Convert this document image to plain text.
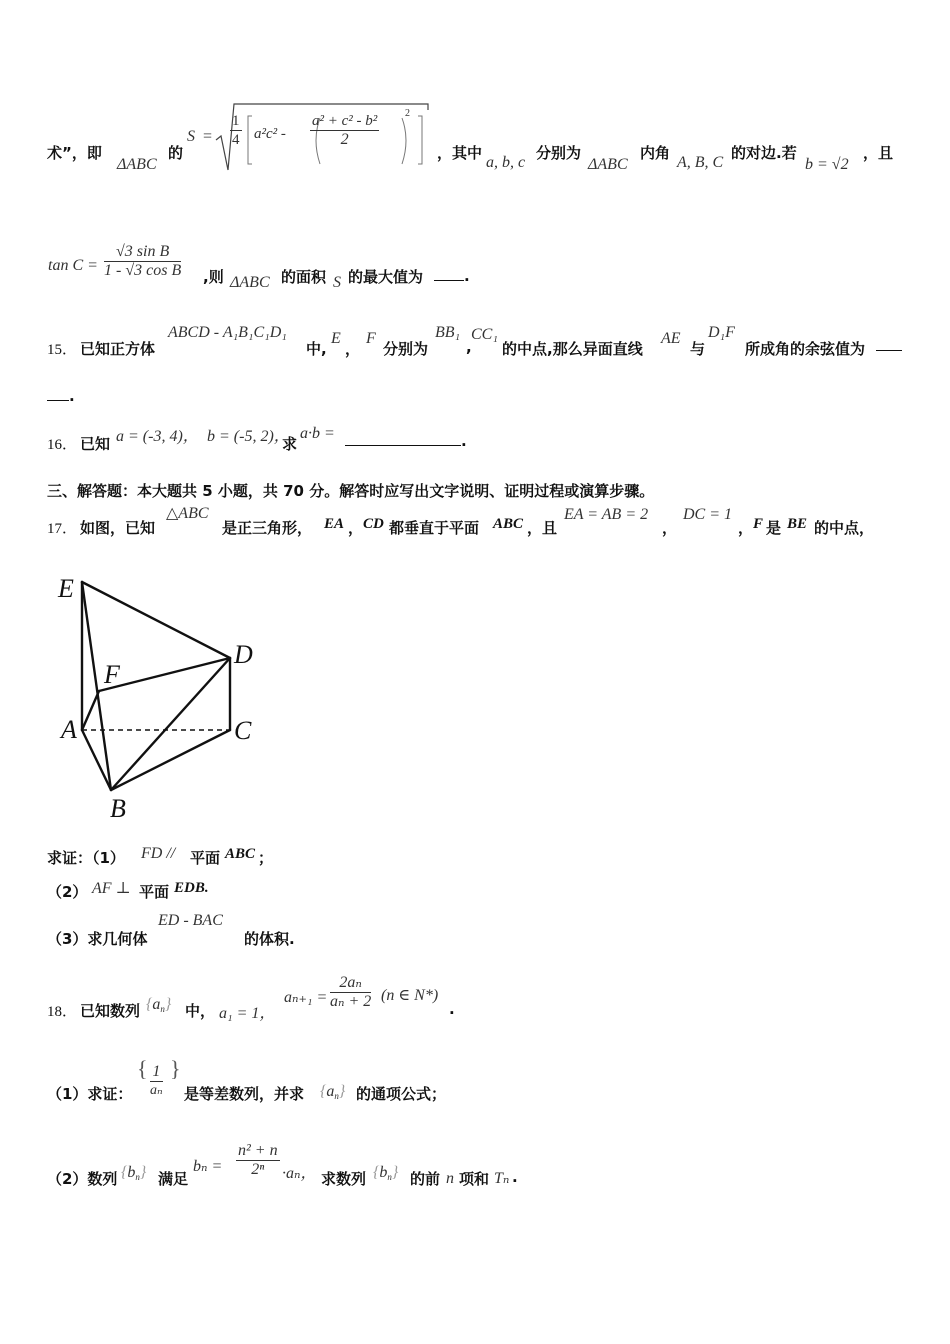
术”，即
ΔABC
的
$S = \frac{1}{4} a^2c^2 - \frac{\text{a² + c² - b²}}{2}$	2
，其中
a, b, c
分别为
ΔABC
内角
A, B, C
的对边.若
b = √2
，且
$\tan C = \frac{\text{√3 sin B}}{\text{1 - √3 cos B}}$ ,则 ΔABC 的面积 S 的最大值为	.
15． 已知正方体
ABCD - A₁B₁C₁D₁
中,
E
，
F
分别为
BB₁
,
CC₁
的中点,那么异面直线
AE
与
D₁F
所成角的余弦值为
.
16． 已知 a = (-3, 4)， b = (-5, 2)，
求
a·b =	.
三、解答题：本大题共 5 小题，共 70 分。解答时应写出文字说明、证明过程或演算步骤。
17． 如图，已知
△ABC
是正三角形， EA ， CD 都垂直于平面 ABC ，且
EA = AB = 2
，
DC = 1
， F 是 BE 的中点，
E
D
F
A	C
B
求证：（1） FD // 平面 ABC ；
（2） AF ⊥ 平面 EDB.
（3）求几何体
ED - BAC
的体积.
18． 已知数列 $\{a_n\}$ 中， a₁ = 1，
$a_{n+1} = \frac{\text{2aₙ}}{\text{aₙ + 2}} (n$ ∈ N*)
.
（1）求证：
{ $\frac{1}{\text{aₙ}}$ }
是等差数列，并求 $\{a_n\}$ 的通项公式；
（2）数列 $\{b_n\}$ 满足
$b_n = \frac{\text{n² + n}}{\text{2ⁿ}} \cdot a_n$， 求数列 $\{b_n\}$ 的前 n 项和 Tₙ .
